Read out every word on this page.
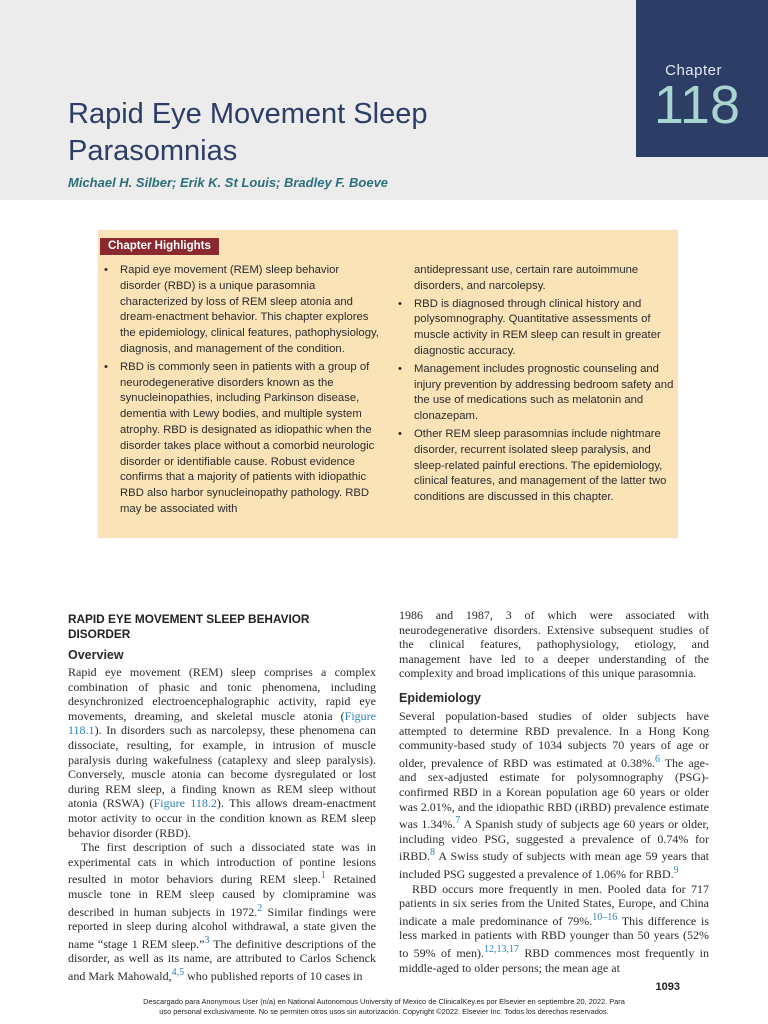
Chapter
118
Rapid Eye Movement Sleep
Parasomnias
Michael H. Silber; Erik K. St Louis; Bradley F. Boeve
Chapter Highlights
• Rapid eye movement (REM) sleep behavior disorder (RBD) is a unique parasomnia characterized by loss of REM sleep atonia and dream-enactment behavior. This chapter explores the epidemiology, clinical features, pathophysiology, diagnosis, and management of the condition.
• RBD is commonly seen in patients with a group of neurodegenerative disorders known as the synucleinopathies, including Parkinson disease, dementia with Lewy bodies, and multiple system atrophy. RBD is designated as idiopathic when the disorder takes place without a comorbid neurologic disorder or identifiable cause. Robust evidence confirms that a majority of patients with idiopathic RBD also harbor synucleinopathy pathology. RBD may be associated with
antidepressant use, certain rare autoimmune disorders, and narcolepsy.
• RBD is diagnosed through clinical history and polysomnography. Quantitative assessments of muscle activity in REM sleep can result in greater diagnostic accuracy.
• Management includes prognostic counseling and injury prevention by addressing bedroom safety and the use of medications such as melatonin and clonazepam.
• Other REM sleep parasomnias include nightmare disorder, recurrent isolated sleep paralysis, and sleep-related painful erections. The epidemiology, clinical features, and management of the latter two conditions are discussed in this chapter.
RAPID EYE MOVEMENT SLEEP BEHAVIOR DISORDER
Overview

Rapid eye movement (REM) sleep comprises a complex combination of phasic and tonic phenomena, including desynchronized electroencephalographic activity, rapid eye movements, dreaming, and skeletal muscle atonia (Figure 118.1). In disorders such as narcolepsy, these phenomena can dissociate, resulting, for example, in intrusion of muscle paralysis during wakefulness (cataplexy and sleep paralysis). Conversely, muscle atonia can become dysregulated or lost during REM sleep, a finding known as REM sleep without atonia (RSWA) (Figure 118.2). This allows dream-enactment motor activity to occur in the condition known as REM sleep behavior disorder (RBD).

The first description of such a dissociated state was in experimental cats in which introduction of pontine lesions resulted in motor behaviors during REM sleep.$^1$ Retained muscle tone in REM sleep caused by clomipramine was described in human subjects in 1972.$^2$ Similar findings were reported in sleep during alcohol withdrawal, a state given the name “stage 1 REM sleep.”$^3$ The definitive descriptions of the disorder, as well as its name, are attributed to Carlos Schenck and Mark Mahowald,$^{4,5}$ who published reports of 10 cases in

1986 and 1987, 3 of which were associated with neurodegenerative disorders. Extensive subsequent studies of the clinical features, pathophysiology, etiology, and management have led to a deeper understanding of the complexity and broad implications of this unique parasomnia.

Epidemiology

Several population-based studies of older subjects have attempted to determine RBD prevalence. In a Hong Kong community-based study of 1034 subjects 70 years of age or older, prevalence of RBD was estimated at 0.38%.$^6$ The age- and sex-adjusted estimate for polysomnography (PSG)-confirmed RBD in a Korean population age 60 years or older was 2.01%, and the idiopathic RBD (iRBD) prevalence estimate was 1.34%.$^7$ A Spanish study of subjects age 60 years or older, including video PSG, suggested a prevalence of 0.74% for iRBD.$^8$ A Swiss study of subjects with mean age 59 years that included PSG suggested a prevalence of 1.06% for RBD.$^9$

RBD occurs more frequently in men. Pooled data for 717 patients in six series from the United States, Europe, and China indicate a male predominance of 79%.$^{10-16}$ This difference is less marked in patients with RBD younger than 50 years (52% to 59% of men).$^{12,13,17}$ RBD commences most frequently in middle-aged to older persons; the mean age at

1093
Descargado para Anonymous User (n/a) en National Autonomous University of Mexico de ClinicalKey.es por Elsevier en septiembre 20, 2022. Para
uso personal exclusivamente. No se permiten otros usos sin autorización. Copyright ©2022. Elsevier Inc. Todos los derechos reservados.
